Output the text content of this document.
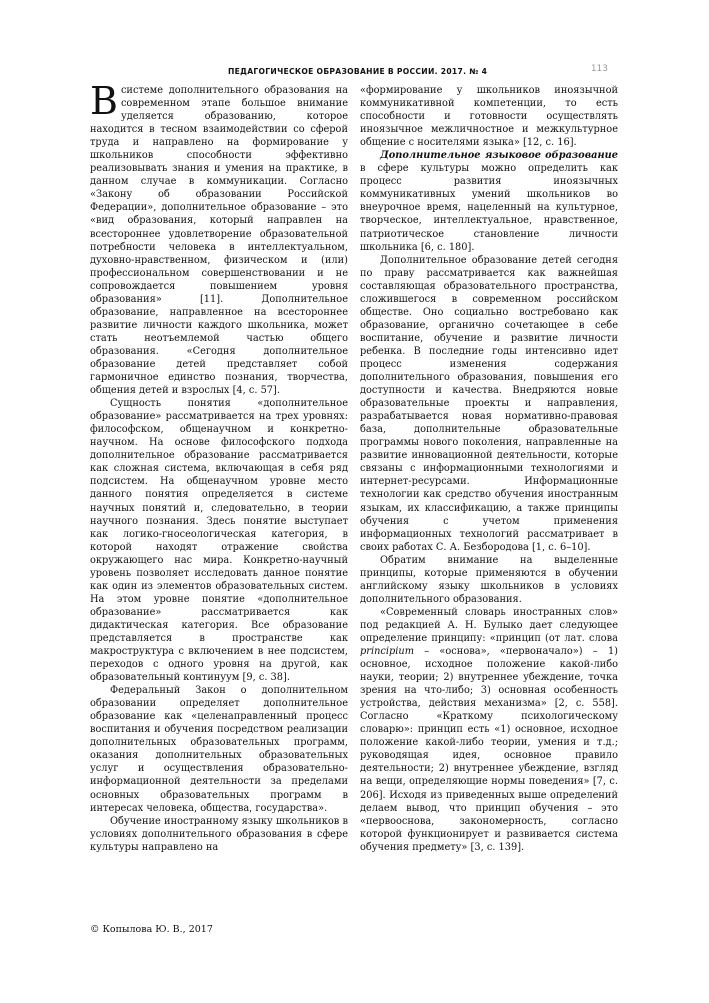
ПЕДАГОГИЧЕСКОЕ ОБРАЗОВАНИЕ В РОССИИ. 2017. № 4	113

Всистеме дополнительного образования на современном этапе большое внимание уделяется образованию, которое находится в тесном взаимодействии со сферой труда и направлено на формирование у школьников способности эффективно реализовывать знания и умения на практике, в данном случае в коммуникации. Согласно «Закону об образовании Российской Федерации», дополнительное образование – это «вид образования, который направлен на всестороннее удовлетворение образовательной потребности человека в интеллектуальном, духовно-нравственном, физическом и (или) профессиональном совершенствовании и не сопровождается повышением уровня образования» [11]. Дополнительное образование, направленное на всестороннее развитие личности каждого школьника, может стать неотъемлемой частью общего образования. «Сегодня дополнительное образование детей представляет собой гармоничное единство познания, творчества, общения детей и взрослых [4, с. 57].

Сущность понятия «дополнительное образование» рассматривается на трех уровнях: философском, общенаучном и конкретно-научном. На основе философского подхода дополнительное образование рассматривается как сложная система, включающая в себя ряд подсистем. На общенаучном уровне место данного понятия определяется в системе научных понятий и, следовательно, в теории научного познания. Здесь понятие выступает как логико-гносеологическая категория, в которой находят отражение свойства окружающего нас мира. Конкретно-научный уровень позволяет исследовать данное понятие как один из элементов образовательных систем. На этом уровне понятие «дополнительное образование» рассматривается как дидактическая категория. Все образование представляется в пространстве как макроструктура с включением в нее подсистем, переходов с одного уровня на другой, как образовательный континуум [9, с. 38].

Федеральный Закон о дополнительном образовании определяет дополнительное образование как «целенаправленный процесс воспитания и обучения посредством реализации дополнительных образовательных программ, оказания дополнительных образовательных услуг и осуществления образовательно-информационной деятельности за пределами основных образовательных программ в интересах человека, общества, государства».

Обучение иностранному языку школьников в условиях дополнительного образования в сфере культуры направлено на

«формирование у школьников иноязычной коммуникативной компетенции, то есть способности и готовности осуществлять иноязычное межличностное и межкультурное общение с носителями языка» [12, с. 16].

Дополнительное языковое образование в сфере культуры можно определить как процесс развития иноязычных коммуникативных умений школьников во внеурочное время, нацеленный на культурное, творческое, интеллектуальное, нравственное, патриотическое становление личности школьника [6, с. 180].

Дополнительное образование детей сегодня по праву рассматривается как важнейшая составляющая образовательного пространства, сложившегося в современном российском обществе. Оно социально востребовано как образование, органично сочетающее в себе воспитание, обучение и развитие личности ребенка. В последние годы интенсивно идет процесс изменения содержания дополнительного образования, повышения его доступности и качества. Внедряются новые образовательные проекты и направления, разрабатывается новая нормативно-правовая база, дополнительные образовательные программы нового поколения, направленные на развитие инновационной деятельности, которые связаны с информационными технологиями и интернет-ресурсами. Информационные технологии как средство обучения иностранным языкам, их классификацию, а также принципы обучения с учетом применения информационных технологий рассматривает в своих работах С. А. Безбородова [1, с. 6–10].

Обратим внимание на выделенные принципы, которые применяются в обучении английскому языку школьников в условиях дополнительного образования.

«Современный словарь иностранных слов» под редакцией А. Н. Булыко дает следующее определение принципу: «принцип (от лат. слова principium – «основа», «первоначало») – 1) основное, исходное положение какой-либо науки, теории; 2) внутреннее убеждение, точка зрения на что-либо; 3) основная особенность устройства, действия механизма» [2, с. 558]. Согласно «Краткому психологическому словарю»: принцип есть «1) основное, исходное положение какой-либо теории, умения и т.д.; руководящая идея, основное правило деятельности; 2) внутреннее убеждение, взгляд на вещи, определяющие нормы поведения» [7, с. 206]. Исходя из приведенных выше определений делаем вывод, что принцип обучения – это «первооснова, закономерность, согласно которой функционирует и развивается система обучения предмету» [3, с. 139].

© Копылова Ю. В., 2017
